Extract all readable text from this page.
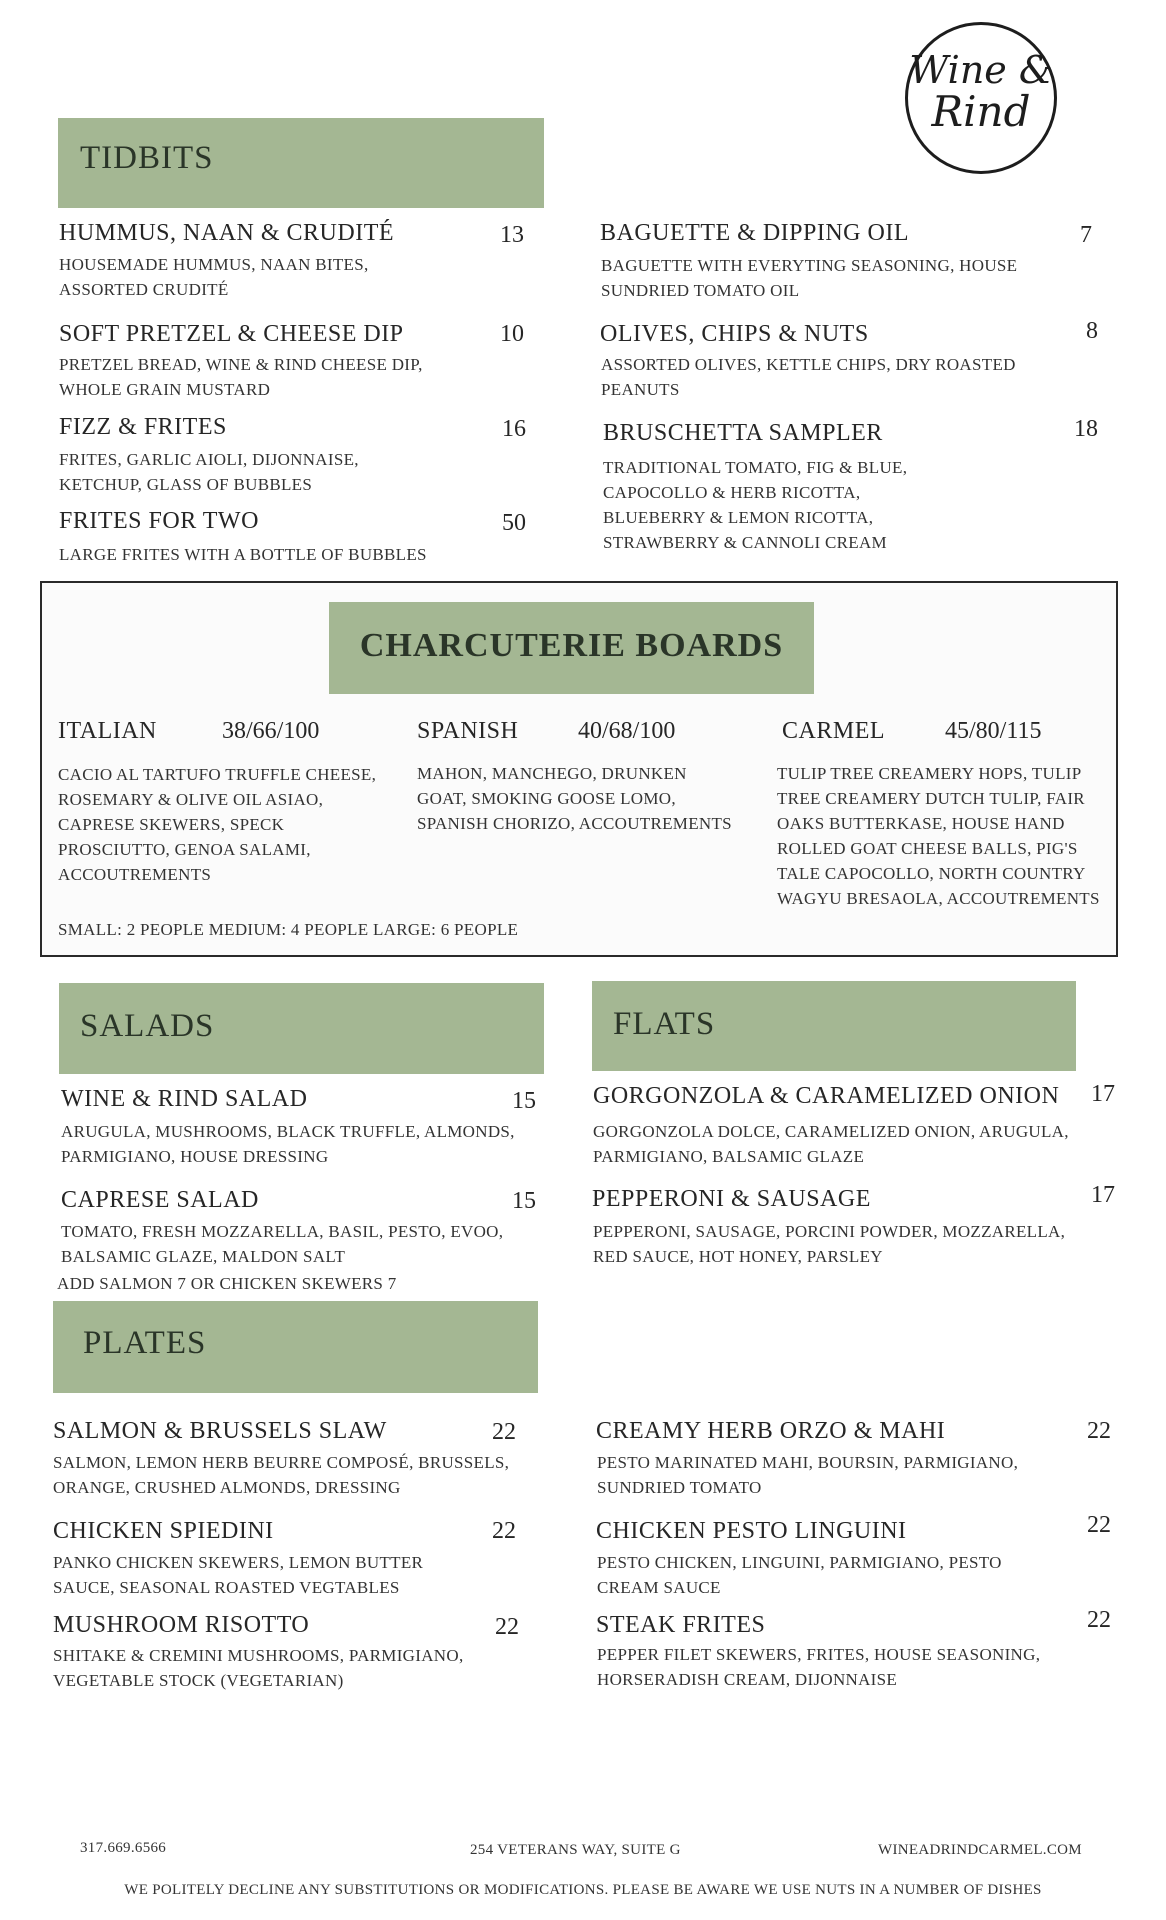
Wine &
Rind
TIDBITS
HUMMUS, NAAN & CRUDITÉ	13
HOUSEMADE HUMMUS, NAAN BITES, ASSORTED CRUDITÉ
SOFT PRETZEL & CHEESE DIP	10
PRETZEL BREAD, WINE & RIND CHEESE DIP, WHOLE GRAIN MUSTARD
FIZZ & FRITES	16
FRITES, GARLIC AIOLI, DIJONNAISE, KETCHUP, GLASS OF BUBBLES
FRITES FOR TWO	50
LARGE FRITES WITH A BOTTLE OF BUBBLES
BAGUETTE & DIPPING OIL	7
BAGUETTE WITH EVERYTING SEASONING, HOUSE SUNDRIED TOMATO OIL
OLIVES, CHIPS & NUTS	8
ASSORTED OLIVES, KETTLE CHIPS, DRY ROASTED PEANUTS
BRUSCHETTA SAMPLER	18
TRADITIONAL TOMATO, FIG & BLUE, CAPOCOLLO & HERB RICOTTA, BLUEBERRY & LEMON RICOTTA, STRAWBERRY & CANNOLI CREAM
CHARCUTERIE BOARDS
ITALIAN	38/66/100
CACIO AL TARTUFO TRUFFLE CHEESE, ROSEMARY & OLIVE OIL ASIAO, CAPRESE SKEWERS, SPECK PROSCIUTTO, GENOA SALAMI, ACCOUTREMENTS
SPANISH 40/68/100
MAHON, MANCHEGO, DRUNKEN GOAT, SMOKING GOOSE LOMO, SPANISH CHORIZO, ACCOUTREMENTS
CARMEL 45/80/115
TULIP TREE CREAMERY HOPS, TULIP TREE CREAMERY DUTCH TULIP, FAIR OAKS BUTTERKASE, HOUSE HAND ROLLED GOAT CHEESE BALLS, PIG'S TALE CAPOCOLLO, NORTH COUNTRY WAGYU BRESAOLA, ACCOUTREMENTS
SMALL: 2 PEOPLE MEDIUM: 4 PEOPLE LARGE: 6 PEOPLE
SALADS
WINE & RIND SALAD	15
ARUGULA, MUSHROOMS, BLACK TRUFFLE, ALMONDS, PARMIGIANO, HOUSE DRESSING
CAPRESE SALAD	15
TOMATO, FRESH MOZZARELLA, BASIL, PESTO, EVOO, BALSAMIC GLAZE, MALDON SALT
ADD SALMON 7 OR CHICKEN SKEWERS 7
FLATS
GORGONZOLA & CARAMELIZED ONION 17
GORGONZOLA DOLCE, CARAMELIZED ONION, ARUGULA, PARMIGIANO, BALSAMIC GLAZE
PEPPERONI & SAUSAGE	17
PEPPERONI, SAUSAGE, PORCINI POWDER, MOZZARELLA, RED SAUCE, HOT HONEY, PARSLEY
PLATES
SALMON & BRUSSELS SLAW	22
SALMON, LEMON HERB BEURRE COMPOSÉ, BRUSSELS, ORANGE, CRUSHED ALMONDS, DRESSING
CHICKEN SPIEDINI	22
PANKO CHICKEN SKEWERS, LEMON BUTTER SAUCE, SEASONAL ROASTED VEGTABLES
MUSHROOM RISOTTO	22
SHITAKE & CREMINI MUSHROOMS, PARMIGIANO, VEGETABLE STOCK (VEGETARIAN)
CREAMY HERB ORZO & MAHI	22
PESTO MARINATED MAHI, BOURSIN, PARMIGIANO, SUNDRIED TOMATO
CHICKEN PESTO LINGUINI	22
PESTO CHICKEN, LINGUINI, PARMIGIANO, PESTO CREAM SAUCE
STEAK FRITES	22
PEPPER FILET SKEWERS, FRITES, HOUSE SEASONING, HORSERADISH CREAM, DIJONNAISE
317.669.6566	254 VETERANS WAY, SUITE G	WINEADRINDCARMEL.COM
WE POLITELY DECLINE ANY SUBSTITUTIONS OR MODIFICATIONS. PLEASE BE AWARE WE USE NUTS IN A NUMBER OF DISHES
